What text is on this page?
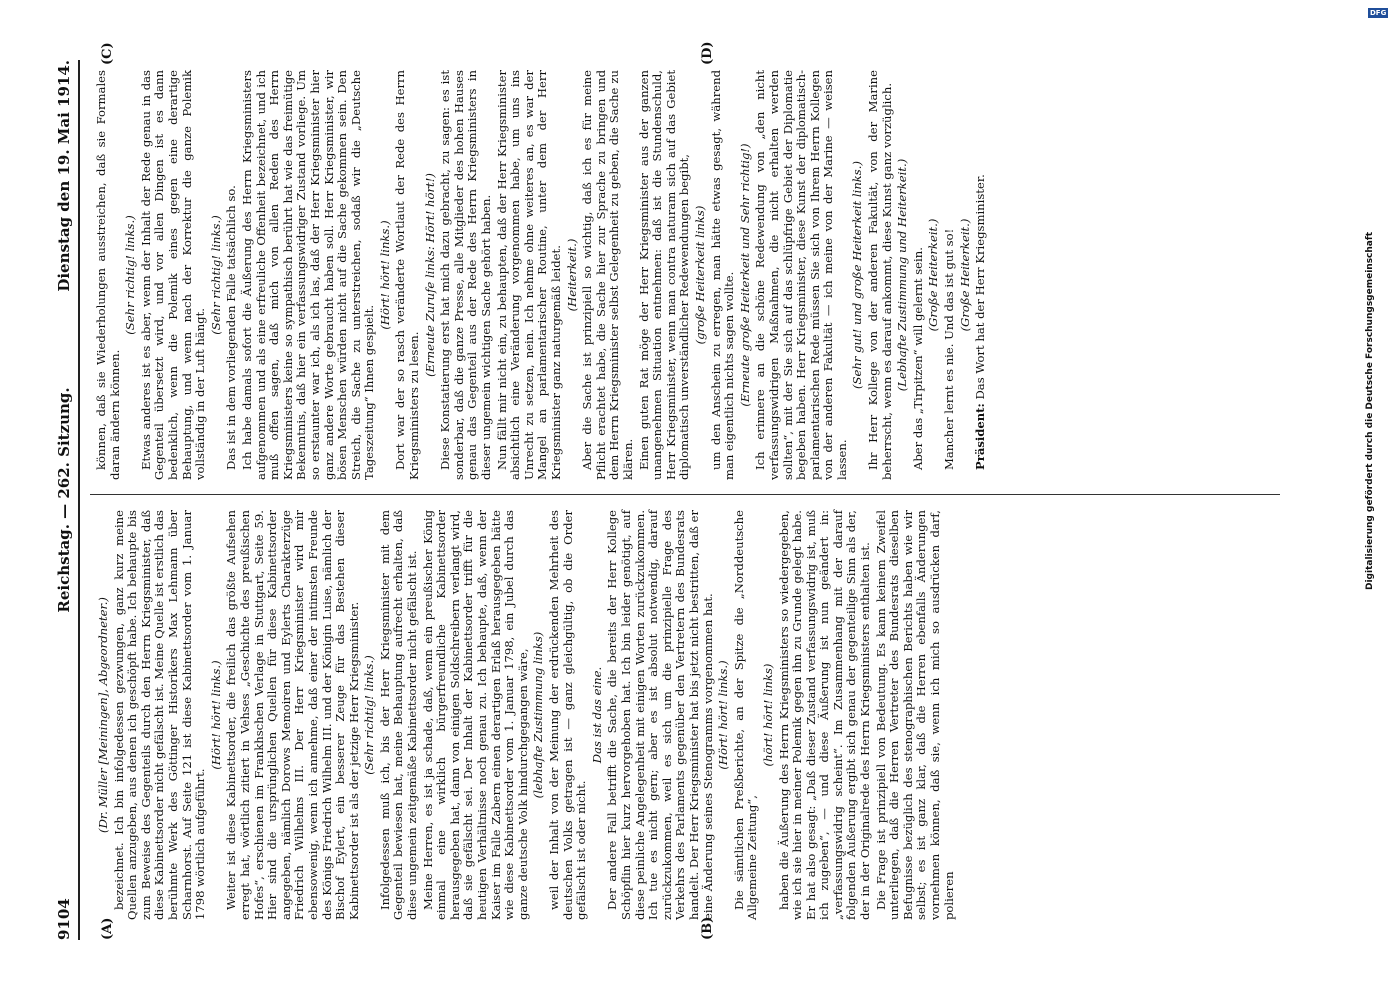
9104
Reichstag. — 262. Sitzung.
Dienstag den 19. Mai 1914.
(A)	(B)
(C)	(D)

(Dr. Müller [Meiningen], Abgeordneter.) bezeichnet. Ich bin infolgedessen gezwungen, ganz kurz meine Quellen anzugeben, aus denen ich geschöpft habe. Ich behaupte bis zum Beweise des Gegenteils durch den Herrn Kriegsminister, daß diese Kabinettsorder nicht gefälscht ist. Meine Quelle ist erstlich das berühmte Werk des Göttinger Historikers Max Lehmann über Scharnhorst. Auf Seite 121 ist diese Kabinettsorder vom 1. Januar 1798 wörtlich aufgeführt.

(Hört! hört! links.) Weiter ist diese Kabinettsorder, die freilich das größte Aufsehen erregt hat, wörtlich zitiert in Vehses „Geschichte des preußischen Hofes“, erschienen im Frankhschen Verlage in Stuttgart, Seite 59. Hier sind die ursprünglichen Quellen für diese Kabinettsorder angegeben, nämlich Dorows Memoiren und Eylerts Charakterzüge Friedrich Wilhelms III. Der Herr Kriegsminister wird mir ebensowenig, wenn ich annehme, daß einer der intimsten Freunde des Königs Friedrich Wilhelm III. und der Königin Luise, nämlich der Bischof Eylert, ein besserer Zeuge für das Bestehen dieser Kabinettsorder ist als der jetzige Herr Kriegsminister. (Sehr richtig! links.) Infolgedessen muß ich, bis der Herr Kriegsminister mit dem Gegenteil bewiesen hat, meine Behauptung aufrecht erhalten, daß diese ungemein zeitgemäße Kabinettsorder nicht gefälscht ist. Meine Herren, es ist ja schade, daß, wenn ein preußischer König einmal eine wirklich bürgerfreundliche Kabinettsorder herausgegeben hat, dann von einigen Soldschreibern verlangt wird, daß sie gefälscht sei. Der Inhalt der Kabinettsorder trifft für die heutigen Verhältnisse noch genau zu. Ich behaupte, daß, wenn der Kaiser im Falle Zabern einen derartigen Erlaß herausgegeben hätte wie diese Kabinettsorder vom 1. Januar 1798, ein Jubel durch das ganze deutsche Volk hindurchgegangen wäre, (lebhafte Zustimmung links) weil der Inhalt von der Meinung der erdrückenden Mehrheit des deutschen Volks getragen ist — ganz gleichgültig, ob die Order gefälscht ist oder nicht.

Das ist das eine. Der andere Fall betrifft die Sache, die bereits der Herr Kollege Schöpflin hier kurz hervorgehoben hat. Ich bin leider genötigt, auf diese peinliche Angelegenheit mit einigen Worten zurückzukommen. Ich tue es nicht gern; aber es ist absolut notwendig, darauf zurückzukommen, weil es sich um die prinzipielle Frage des Verkehrs des Parlaments gegenüber den Vertretern des Bundesrats handelt. Der Herr Kriegsminister hat bis jetzt nicht bestritten, daß er eine Änderung seines Stenogramms vorgenommen hat. (Hört! hört! links.) Die sämtlichen Preßberichte, an der Spitze die „Norddeutsche Allgemeine Zeitung“,

(hört! hört! links) haben die Äußerung des Herrn Kriegsministers so wiedergegeben, wie ich sie hier in meiner Polemik gegen ihn zu Grunde gelegt habe. Er hat also gesagt: „Daß dieser Zustand verfassungswidrig ist, muß ich zugeben“, — und diese Äußerung ist nun geändert in: „verfassungswidrig scheint“. Im Zusammenhang mit der darauf folgenden Äußerung ergibt sich genau der gegenteilige Sinn als der, der in der Originalrede des Herrn Kriegsministers enthalten ist. Die Frage ist prinzipiell von Bedeutung. Es kann keinem Zweifel unterliegen, daß die Herren Vertreter des Bundesrats dieselben Befugnisse bezüglich des stenographischen Berichts haben wie wir selbst; es ist ganz klar, daß die Herren ebenfalls Änderungen vornehmen können, daß sie, wenn ich mich so ausdrücken darf, polieren

können, daß sie Wiederholungen ausstreichen, daß sie Formales daran ändern können.

(Sehr richtig! links.) Etwas anderes ist es aber, wenn der Inhalt der Rede genau in das Gegenteil übersetzt wird, und vor allen Dingen ist es dann bedenklich, wenn die Polemik eines gegen eine derartige Behauptung, und wenn nach der Korrektur die ganze Polemik vollständig in der Luft hängt.

(Sehr richtig! links.) Das ist in dem vorliegenden Falle tatsächlich so. Ich habe damals sofort die Äußerung des Herrn Kriegsministers aufgenommen und als eine erfreuliche Offenheit bezeichnet, und ich muß offen sagen, daß mich von allen Reden des Herrn Kriegsministers keine so sympathisch berührt hat wie das freimütige Bekenntnis, daß hier ein verfassungswidriger Zustand vorliege. Um so erstaunter war ich, als ich las, daß der Herr Kriegsminister hier ganz andere Worte gebraucht haben soll. Herr Kriegsminister, wir bösen Menschen würden nicht auf die Sache gekommen sein. Den Streich, die Sache zu unterstreichen, sodaß wir die „Deutsche Tageszeitung“ Ihnen gespielt.

(Hört! hört! links.) Dort war der so rasch veränderte Wortlaut der Rede des Herrn Kriegsministers zu lesen.

(Erneute Zurufe links: Hört! hört!) Diese Konstatierung erst hat mich dazu gebracht, zu sagen: es ist sonderbar, daß die ganze Presse, alle Mitglieder des hohen Hauses genau das Gegenteil aus der Rede des Herrn Kriegsministers in dieser ungemein wichtigen Sache gehört haben. Nun fällt mir nicht ein, zu behaupten, daß der Herr Kriegsminister absichtlich eine Veränderung vorgenommen habe, um uns ins Unrecht zu setzen, nein. Ich nehme ohne weiteres an, es war der Mangel an parlamentarischer Routine, unter dem der Herr Kriegsminister ganz naturgemäß leidet. (Heiterkeit.) Aber die Sache ist prinzipiell so wichtig, daß ich es für meine Pflicht erachtet habe, die Sache hier zur Sprache zu bringen und dem Herrn Kriegsminister selbst Gelegenheit zu geben, die Sache zu klären. Einen guten Rat möge der Herr Kriegsminister aus der ganzen unangenehmen Situation entnehmen: daß ist die Stundenschuld, Herr Kriegsminister, wenn man contra naturam sich auf das Gebiet diplomatisch unverständlicher Redewendungen begibt, (große Heiterkeit links) um den Anschein zu erregen, man hätte etwas gesagt, während man eigentlich nichts sagen wollte. (Erneute große Heiterkeit und Sehr richtig!) Ich erinnere an die schöne Redewendung von „den nicht verfassungswidrigen Maßnahmen, die nicht erhalten werden sollten“, mit der Sie sich auf das schlüpfrige Gebiet der Diplomatie begeben haben. Herr Kriegsminister, diese Kunst der diplomatisch-parlamentarischen Rede müssen Sie sich von Ihrem Herrn Kollegen von der anderen Fakultät — ich meine von der Marine — weisen lassen.

(Sehr gut! und große Heiterkeit links.) Ihr Herr Kollege von der anderen Fakultät, von der Marine beherrscht, wenn es darauf ankommt, diese Kunst ganz vorzüglich. (Lebhafte Zustimmung und Heiterkeit.) Aber das „Tirpitzen“ will gelernt sein. (Große Heiterkeit.) Mancher lernt es nie. Und das ist gut so! (Große Heiterkeit.)

Präsident: Das Wort hat der Herr Kriegsminister.

DFG
Digitalisierung gefördert durch die Deutsche Forschungsgemeinschaft
